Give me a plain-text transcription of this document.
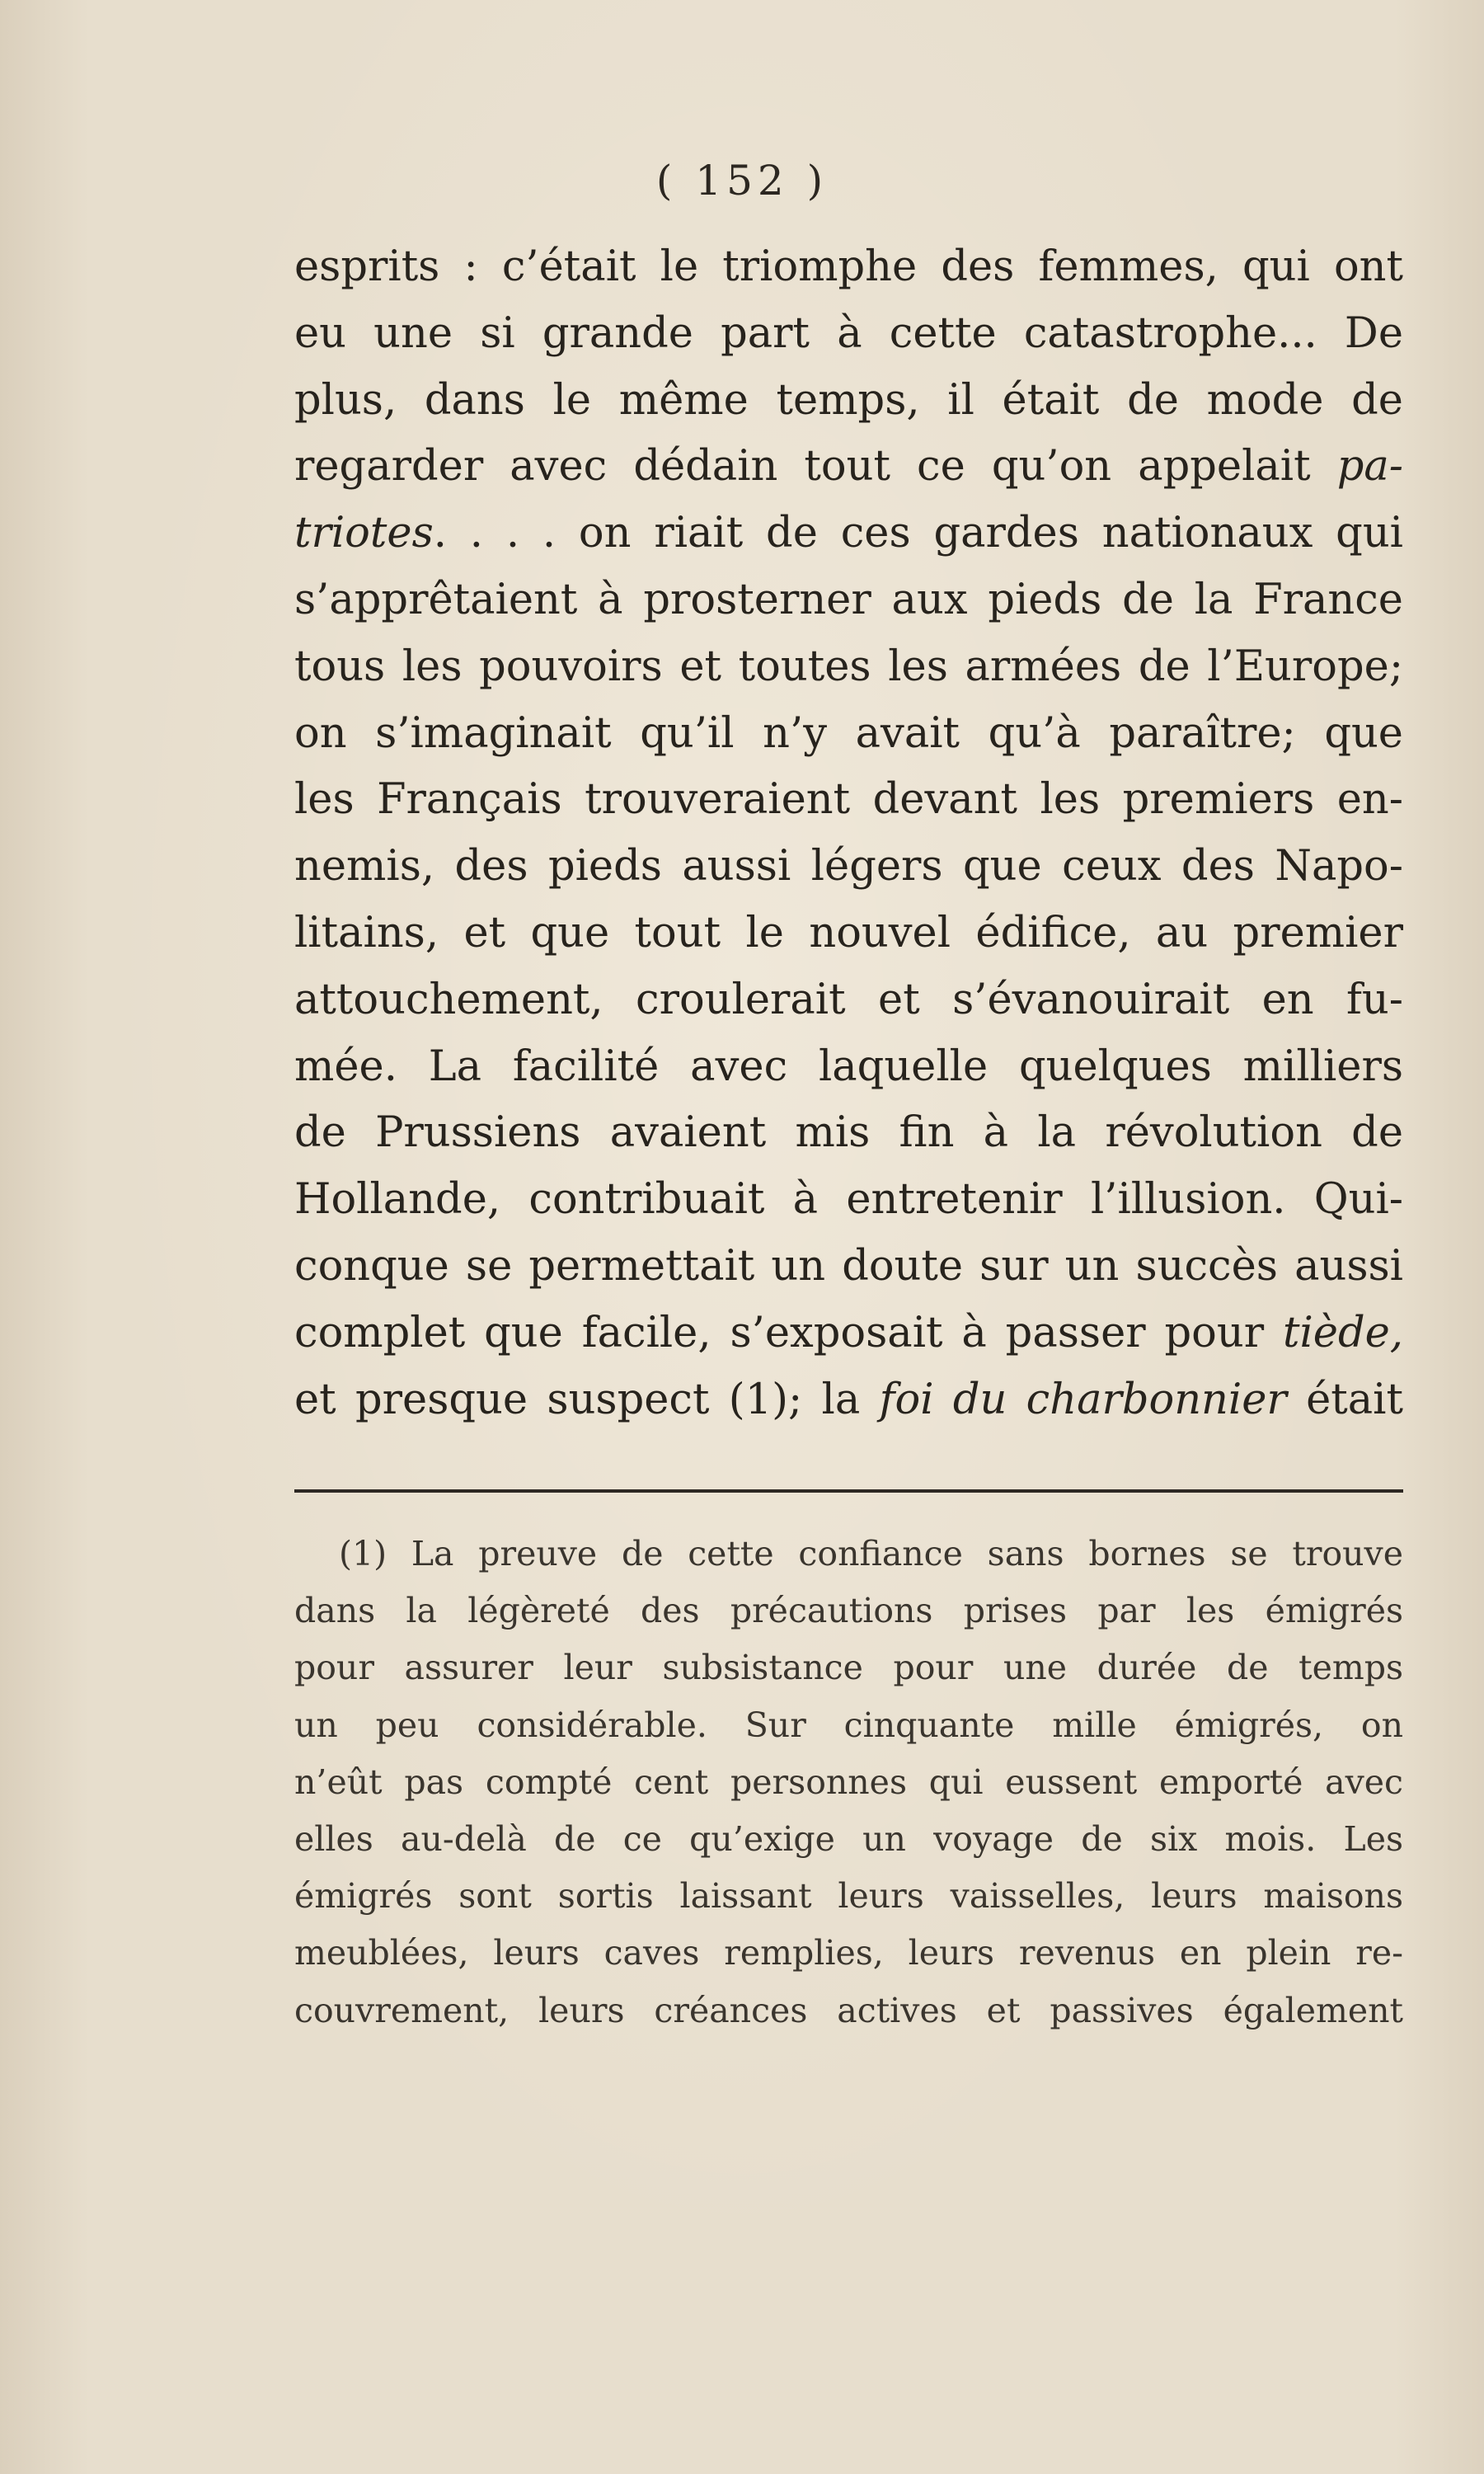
( 152 )
esprits : c’était le triomphe des femmes, qui ont
eu une si grande part à cette catastrophe... De
plus, dans le même temps, il était de mode de
regarder avec dédain tout ce qu’on appelait pa-
triotes. . . . on riait de ces gardes nationaux qui
s’apprêtaient à prosterner aux pieds de la France
tous les pouvoirs et toutes les armées de l’Europe;
on s’imaginait qu’il n’y avait qu’à paraître; que
les Français trouveraient devant les premiers en-
nemis, des pieds aussi légers que ceux des Napo-
litains, et que tout le nouvel édifice, au premier
attouchement, croulerait et s’évanouirait en fu-
mée. La facilité avec laquelle quelques milliers
de Prussiens avaient mis fin à la révolution de
Hollande, contribuait à entretenir l’illusion. Qui-
conque se permettait un doute sur un succès aussi
complet que facile, s’exposait à passer pour tiède,
et presque suspect (1); la foi du charbonnier était
(1) La preuve de cette confiance sans bornes se trouve
dans la légèreté des précautions prises par les émigrés
pour assurer leur subsistance pour une durée de temps
un peu considérable. Sur cinquante mille émigrés, on
n’eût pas compté cent personnes qui eussent emporté avec
elles au-delà de ce qu’exige un voyage de six mois. Les
émigrés sont sortis laissant leurs vaisselles, leurs maisons
meublées, leurs caves remplies, leurs revenus en plein re-
couvrement, leurs créances actives et passives également
